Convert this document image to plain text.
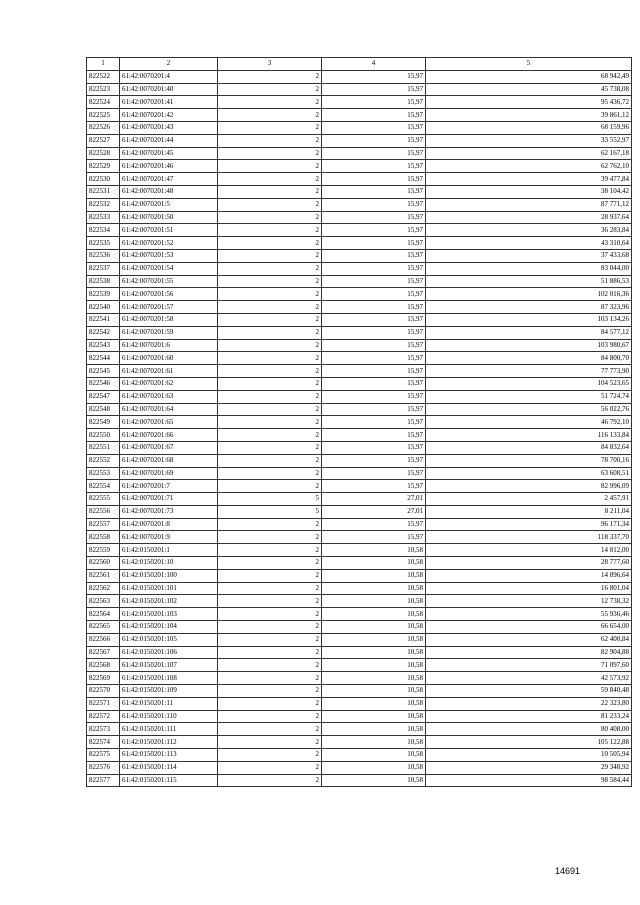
1	2	3	4	5
822522	61:42:0070201:4	2	15,97	68 942,49
822523	61:42:0070201:40	2	15,97	45 738,08
822524	61:42:0070201:41	2	15,97	95 436,72
822525	61:42:0070201:42	2	15,97	39 861,12
822526	61:42:0070201:43	2	15,97	68 159,96
822527	61:42:0070201:44	2	15,97	33 552,97
822528	61:42:0070201:45	2	15,97	62 167,18
822529	61:42:0070201:46	2	15,97	62 762,10
822530	61:42:0070201:47	2	15,97	39 477,84
822531	61:42:0070201:48	2	15,97	38 104,42
822532	61:42:0070201:5	2	15,97	87 771,12
822533	61:42:0070201:50	2	15,97	28 937,64
822534	61:42:0070201:51	2	15,97	36 283,84
822535	61:42:0070201:52	2	15,97	43 310,64
822536	61:42:0070201:53	2	15,97	37 433,68
822537	61:42:0070201:54	2	15,97	83 044,00
822538	61:42:0070201:55	2	15,97	51 886,53
822539	61:42:0070201:56	2	15,97	102 016,36
822540	61:42:0070201:57	2	15,97	87 323,96
822541	61:42:0070201:58	2	15,97	103 134,26
822542	61:42:0070201:59	2	15,97	84 577,12
822543	61:42:0070201:6	2	15,97	103 980,67
822544	61:42:0070201:60	2	15,97	84 800,70
822545	61:42:0070201:61	2	15,97	77 773,90
822546	61:42:0070201:62	2	15,97	104 523,65
822547	61:42:0070201:63	2	15,97	51 724,74
822548	61:42:0070201:64	2	15,97	56 022,76
822549	61:42:0070201:65	2	15,97	46 792,10
822550	61:42:0070201:66	2	15,97	116 133,84
822551	61:42:0070201:67	2	15,97	84 832,64
822552	61:42:0070201:68	2	15,97	78 700,16
822553	61:42:0070201:69	2	15,97	63 608,51
822554	61:42:0070201:7	2	15,97	82 996,09
822555	61:42:0070201:71	5	27,01	2 457,91
822556	61:42:0070201:73	5	27,01	8 211,04
822557	61:42:0070201:8	2	15,97	96 171,34
822558	61:42:0070201:9	2	15,97	118 337,70
822559	61:42:0150201:1	2	10,58	14 812,00
822560	61:42:0150201:10	2	10,58	28 777,60
822561	61:42:0150201:100	2	10,58	14 896,64
822562	61:42:0150201:101	2	10,58	16 801,04
822563	61:42:0150201:102	2	10,58	12 738,32
822564	61:42:0150201:103	2	10,58	55 936,46
822565	61:42:0150201:104	2	10,58	66 654,00
822566	61:42:0150201:105	2	10,58	62 400,84
822567	61:42:0150201:106	2	10,58	82 904,88
822568	61:42:0150201:107	2	10,58	71 097,60
822569	61:42:0150201:108	2	10,58	42 573,92
822570	61:42:0150201:109	2	10,58	59 840,48
822571	61:42:0150201:11	2	10,58	22 323,80
822572	61:42:0150201:110	2	10,58	81 233,24
822573	61:42:0150201:111	2	10,58	80 408,00
822574	61:42:0150201:112	2	10,58	105 122,88
822575	61:42:0150201:113	2	10,58	10 505,94
822576	61:42:0150201:114	2	10,58	29 348,92
822577	61:42:0150201:115	2	10,58	98 584,44
14691
